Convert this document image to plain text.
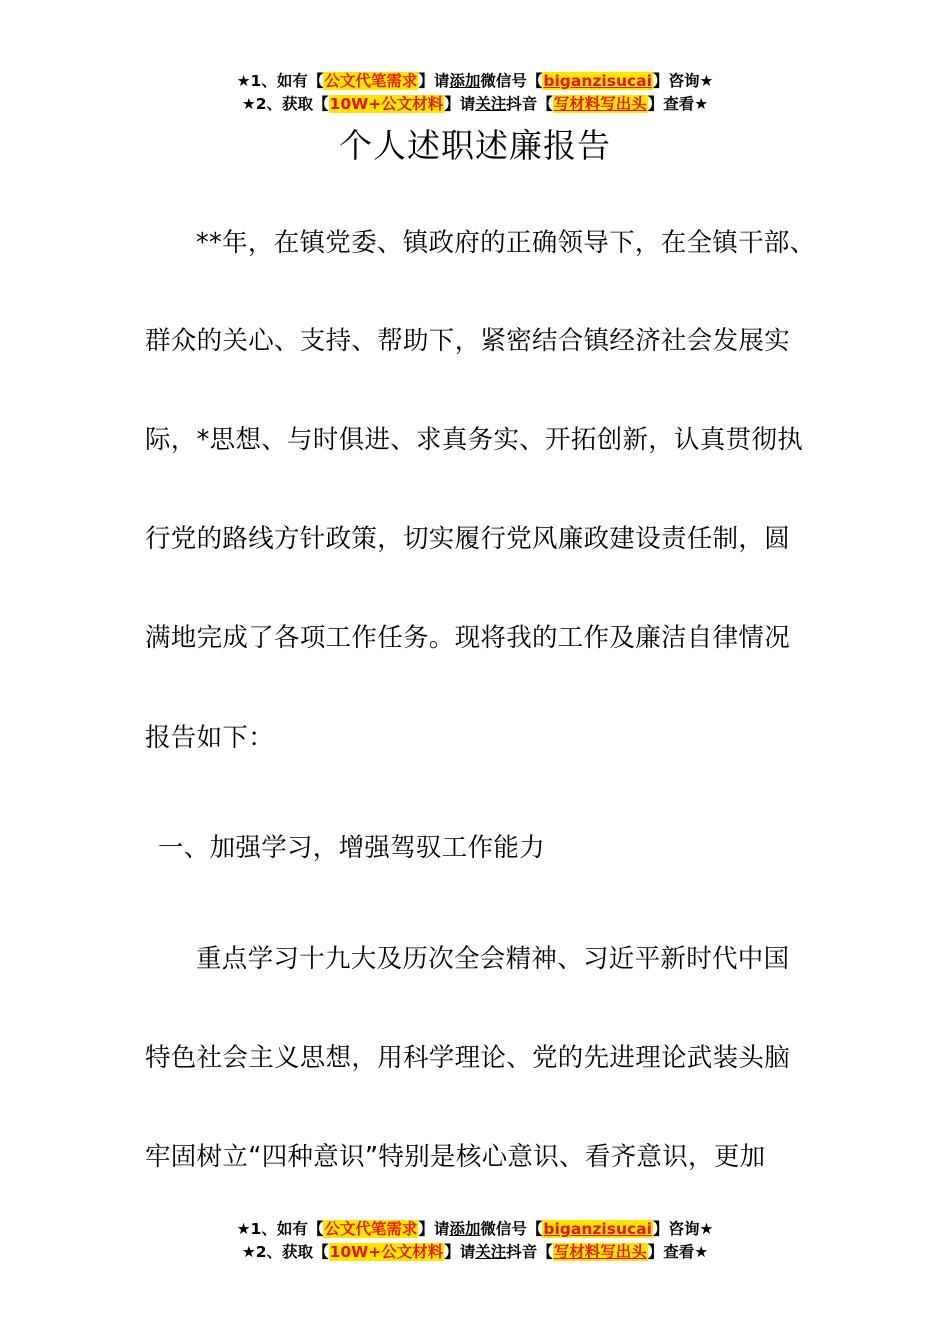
★1、如有【公文代笔需求】请添加微信号【biganzisucai】咨询★
★2、获取【10W+公文材料】请关注抖音【写材料写出头】查看★
个人述职述廉报告
**年，在镇党委、镇政府的正确领导下，在全镇干部、
群众的关心、支持、帮助下，紧密结合镇经济社会发展实
际，*思想、与时俱进、求真务实、开拓创新，认真贯彻执
行党的路线方针政策，切实履行党风廉政建设责任制，圆
满地完成了各项工作任务。现将我的工作及廉洁自律情况
报告如下：
一、加强学习，增强驾驭工作能力
重点学习十九大及历次全会精神、习近平新时代中国
特色社会主义思想，用科学理论、党的先进理论武装头脑
牢固树立“四种意识”特别是核心意识、看齐意识，更加
★1、如有【公文代笔需求】请添加微信号【biganzisucai】咨询★
★2、获取【10W+公文材料】请关注抖音【写材料写出头】查看★
